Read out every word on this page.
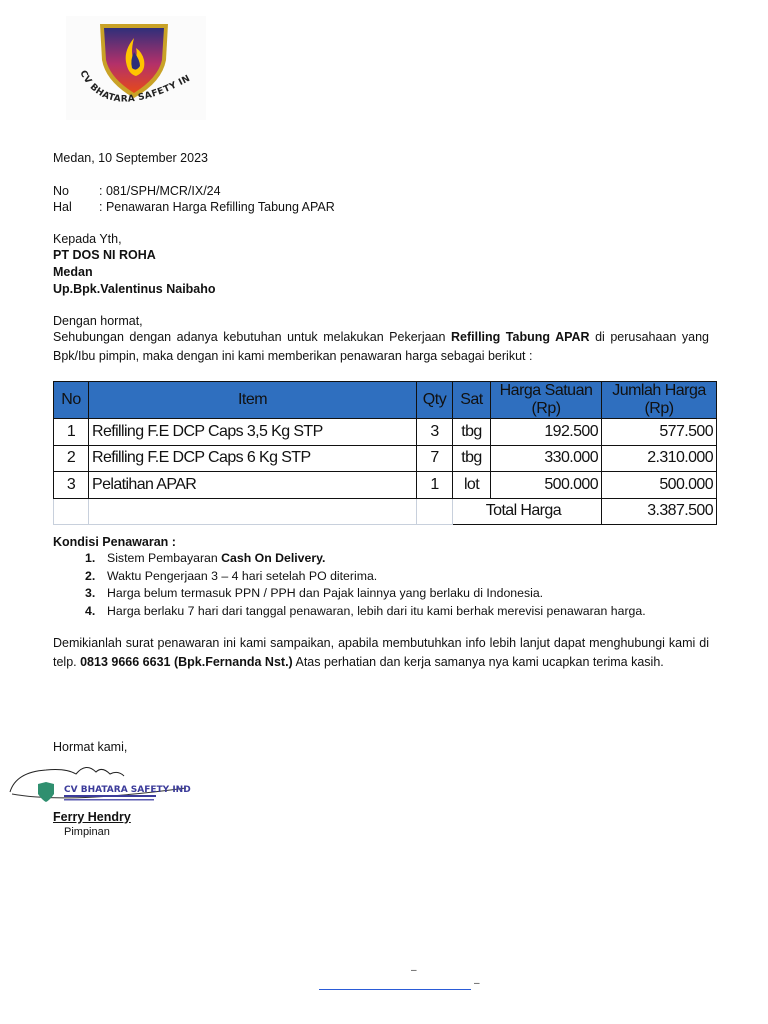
CV BHATARA SAFETY IN
Medan, 10 September 2023
No : 081/SPH/MCR/IX/24
Hal : Penawaran Harga Refilling Tabung APAR
Kepada Yth,
PT DOS NI ROHA
Medan
Up.Bpk.Valentinus Naibaho
Dengan hormat,
Sehubungan dengan adanya kebutuhan untuk melakukan Pekerjaan Refilling Tabung APAR di perusahaan yang Bpk/Ibu pimpin, maka dengan ini kami memberikan penawaran harga sebagai berikut :
No	Item	Qty	Sat	Harga Satuan (Rp)	Jumlah Harga (Rp)
1	Refilling F.E DCP Caps 3,5 Kg STP	3	tbg	192.500	577.500
2	Refilling F.E DCP Caps 6 Kg STP	7	tbg	330.000	2.310.000
3	Pelatihan APAR	1	lot	500.000	500.000
			Total Harga		3.387.500
Kondisi Penawaran :
1. Sistem Pembayaran Cash On Delivery.
2. Waktu Pengerjaan 3 – 4 hari setelah PO diterima.
3. Harga belum termasuk PPN / PPH dan Pajak lainnya yang berlaku di Indonesia.
4. Harga berlaku 7 hari dari tanggal penawaran, lebih dari itu kami berhak merevisi penawaran harga.
Demikianlah surat penawaran ini kami sampaikan, apabila membutuhkan info lebih lanjut dapat menghubungi kami di telp. 0813 9666 6631 (Bpk.Fernanda Nst.) Atas perhatian dan kerja samanya nya kami ucapkan terima kasih.
Hormat kami,
CV BHATARA SAFETY IND
Ferry Hendry
Pimpinan
–
–
